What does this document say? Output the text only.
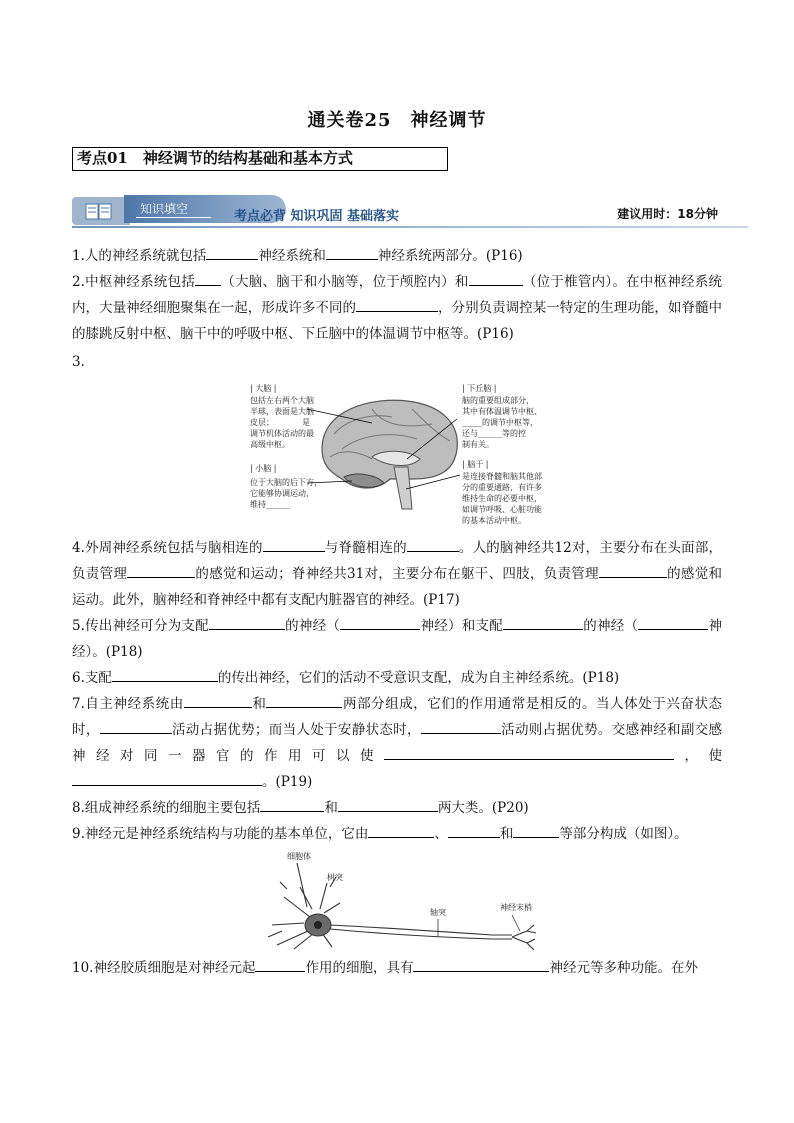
通关卷25　神经调节
考点01　神经调节的结构基础和基本方式
知识填空	考点必背 知识巩固 基础落实	建议用时：18分钟

1.人的神经系统就包括	神经系统和	神经系统两部分。(P16)

2.中枢神经系统包括 （大脑、脑干和小脑等，位于颅腔内）和	（位于椎管内）。在中枢神经系统内，大量神经细胞聚集在一起，形成许多不同的	，分别负责调控某一特定的生理功能，如脊髓中的膝跳反射中枢、脑干中的呼吸中枢、下丘脑中的体温调节中枢等。(P16)

3.

| 大脑 |
包括左右两个大脑
半球，表面是大脑
皮层；　　　　是
调节机体活动的最
高级中枢。
| 小脑 |
位于大脑的后下方，
它能够协调运动，
维持______
| 下丘脑 |
脑的重要组成部分，
其中有体温调节中枢、
_____的调节中枢等，
还与______等的控
制有关。
| 脑干 |
是连接脊髓和脑其他部
分的重要通路，有许多
维持生命的必要中枢，
如调节呼吸、心脏功能
的基本活动中枢。

4.外周神经系统包括与脑相连的	与脊髓相连的	。人的脑神经共12对，主要分布在头面部，负责管理	的感觉和运动；脊神经共31对，主要分布在躯干、四肢，负责管理	的感觉和运动。此外，脑神经和脊神经中都有支配内脏器官的神经。(P17)

5.传出神经可分为支配	的神经（	神经）和支配	的神经（	神经）。(P18)

6.支配	的传出神经，它们的活动不受意识支配，成为自主神经系统。(P18)

7.自主神经系统由	和	两部分组成，它们的作用通常是相反的。当人体处于兴奋状态时，	活动占据优势；而当人处于安静状态时，	活动则占据优势。交感神经和副交感神经对同一器官的作用可以使	，使。(P19)

8.组成神经系统的细胞主要包括	和	两大类。(P20)

9.神经元是神经系统结构与功能的基本单位，它由	、	和	等部分构成（如图）。

细胞体
树突
轴突
神经末梢

10.神经胶质细胞是对神经元起	作用的细胞，具有	神经元等多种功能。在外
